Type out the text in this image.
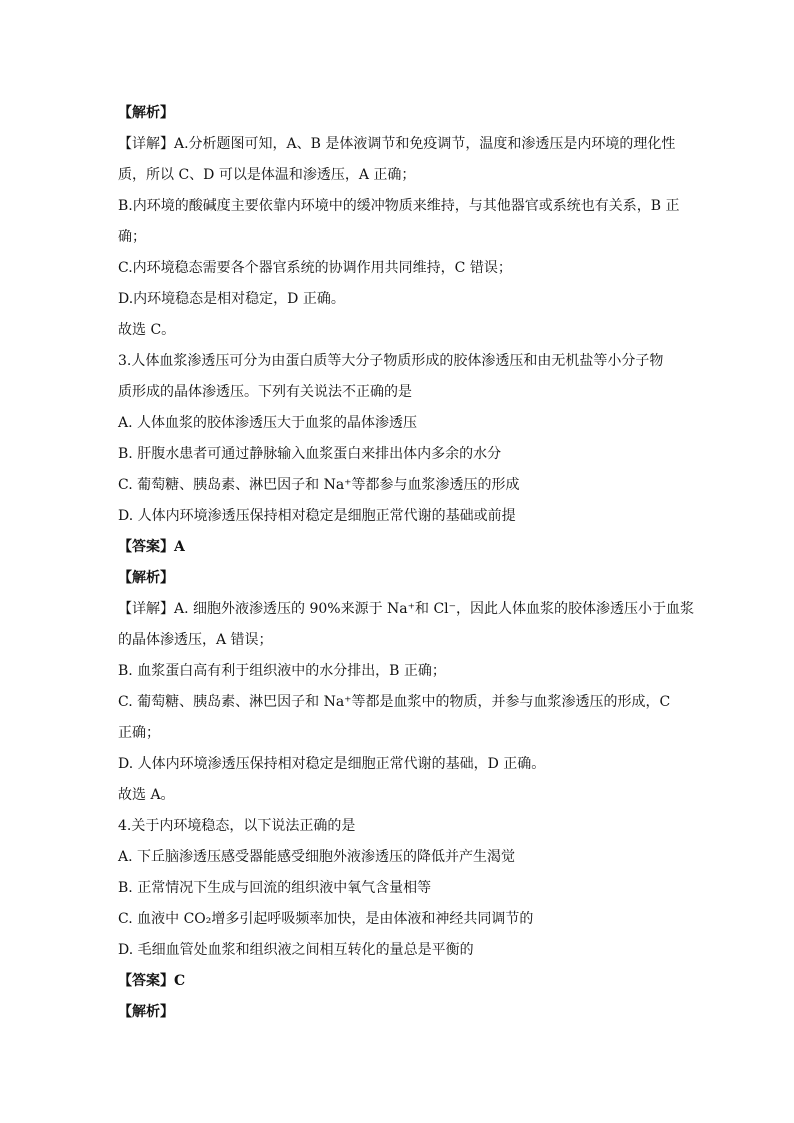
【解析】
【详解】A.分析题图可知，A、B 是体液调节和免疫调节，温度和渗透压是内环境的理化性
质，所以 C、D 可以是体温和渗透压，A 正确；
B.内环境的酸碱度主要依靠内环境中的缓冲物质来维持，与其他器官或系统也有关系，B 正
确；
C.内环境稳态需要各个器官系统的协调作用共同维持，C 错误；
D.内环境稳态是相对稳定，D 正确。
故选 C。
3.人体血浆渗透压可分为由蛋白质等大分子物质形成的胶体渗透压和由无机盐等小分子物
质形成的晶体渗透压。下列有关说法不正确的是
A. 人体血浆的胶体渗透压大于血浆的晶体渗透压
B. 肝腹水患者可通过静脉输入血浆蛋白来排出体内多余的水分
C. 葡萄糖、胰岛素、淋巴因子和 Na⁺等都参与血浆渗透压的形成
D. 人体内环境渗透压保持相对稳定是细胞正常代谢的基础或前提
【答案】A
【解析】
【详解】A. 细胞外液渗透压的 90%来源于 Na⁺和 Cl⁻，因此人体血浆的胶体渗透压小于血浆
的晶体渗透压，A 错误；
B. 血浆蛋白高有利于组织液中的水分排出，B 正确；
C. 葡萄糖、胰岛素、淋巴因子和 Na⁺等都是血浆中的物质，并参与血浆渗透压的形成，C
正确；
D. 人体内环境渗透压保持相对稳定是细胞正常代谢的基础，D 正确。
故选 A。
4.关于内环境稳态，以下说法正确的是
A. 下丘脑渗透压感受器能感受细胞外液渗透压的降低并产生渴觉
B. 正常情况下生成与回流的组织液中氧气含量相等
C. 血液中 CO₂增多引起呼吸频率加快，是由体液和神经共同调节的
D. 毛细血管处血浆和组织液之间相互转化的量总是平衡的
【答案】C
【解析】
